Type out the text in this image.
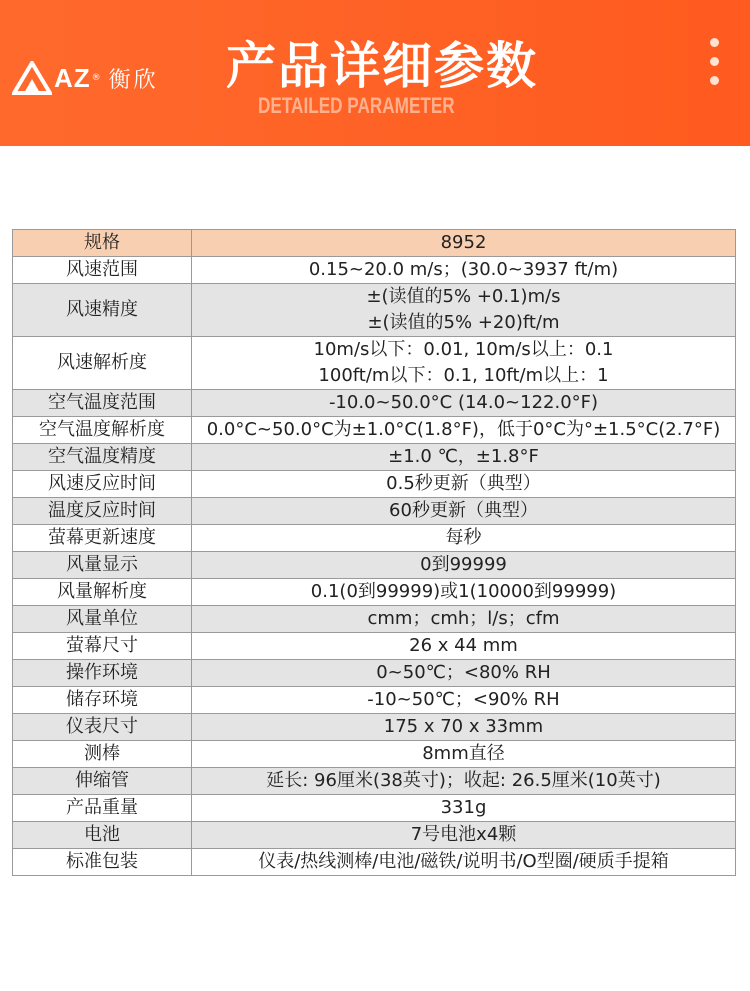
AZ ® 衡欣 产品详细参数
DETAILED PARAMETER
规格	8952

风速范围	0.15~20.0 m/s；(30.0~3937 ft/m)

风速精度	±(读值的5% +0.1)m/s
±(读值的5% +20)ft/m

风速解析度	10m/s以下：0.01, 10m/s以上：0.1
100ft/m以下：0.1, 10ft/m以上：1

空气温度范围	-10.0~50.0°C (14.0~122.0°F)

空气温度解析度	0.0°C~50.0°C为±1.0°C(1.8°F)，低于0°C为°±1.5°C(2.7°F)

空气温度精度	±1.0 ℃，±1.8°F

风速反应时间	0.5秒更新（典型）

温度反应时间	60秒更新（典型）

萤幕更新速度	每秒

风量显示	0到99999

风量解析度	0.1(0到99999)或1(10000到99999)

风量单位	cmm；cmh；l/s；cfm

萤幕尺寸	26 x 44 mm

操作环境	0~50℃；<80% RH

储存环境	-10~50℃；<90% RH

仪表尺寸	175 x 70 x 33mm

测棒	8mm直径

伸缩管	延长: 96厘米(38英寸)；收起: 26.5厘米(10英寸)

产品重量	331g

电池	7号电池x4颗

标准包装	仪表/热线测棒/电池/磁铁/说明书/O型圈/硬质手提箱
